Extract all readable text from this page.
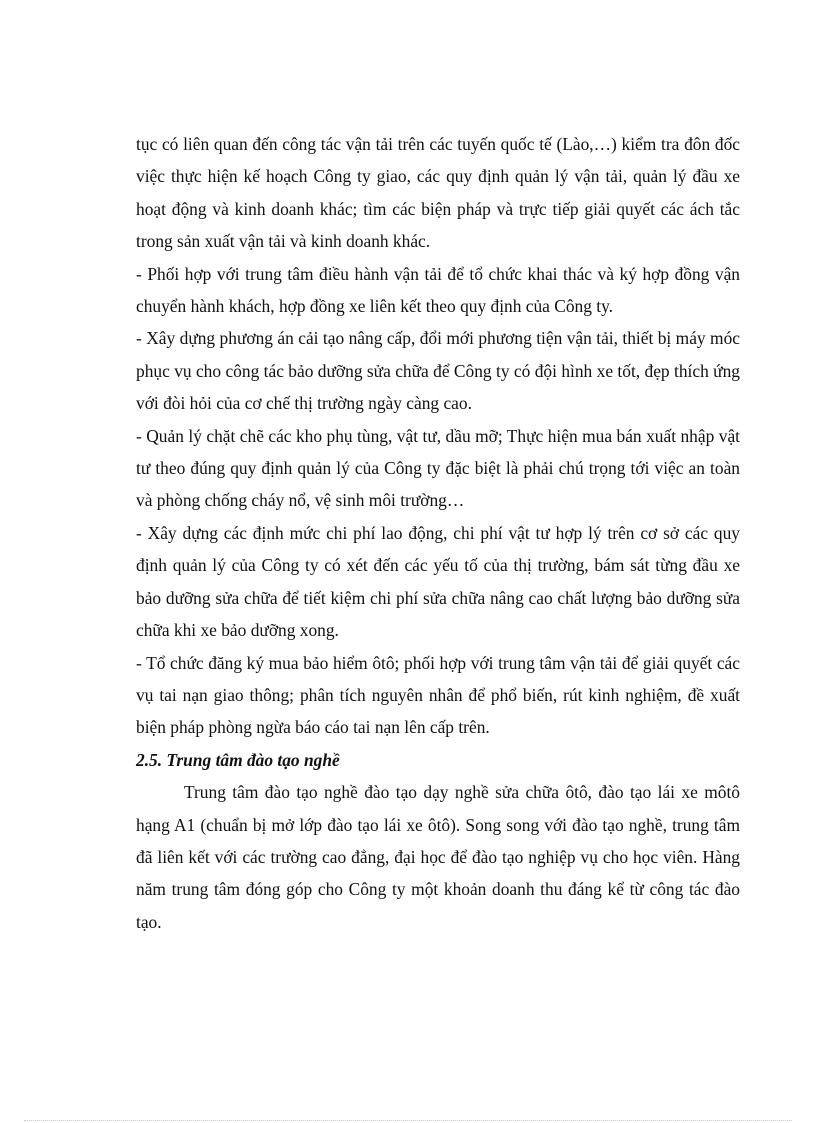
tục có liên quan đến công tác vận tải trên các tuyến quốc tế (Lào,…) kiểm tra đôn đốc việc thực hiện kế hoạch Công ty giao, các quy định quản lý vận tải, quản lý đầu xe hoạt động và kinh doanh khác; tìm các biện pháp và trực tiếp giải quyết các ách tắc trong sản xuất vận tải và kinh doanh khác.

- Phối hợp với trung tâm điều hành vận tải để tổ chức khai thác và ký hợp đồng vận chuyển hành khách, hợp đồng xe liên kết theo quy định của Công ty.

- Xây dựng phương án cải tạo nâng cấp, đổi mới phương tiện vận tải, thiết bị máy móc phục vụ cho công tác bảo dưỡng sửa chữa để Công ty có đội hình xe tốt, đẹp thích ứng với đòi hỏi của cơ chế thị trường ngày càng cao.

- Quản lý chặt chẽ các kho phụ tùng, vật tư, dầu mỡ; Thực hiện mua bán xuất nhập vật tư theo đúng quy định quản lý của Công ty đặc biệt là phải chú trọng tới việc an toàn và phòng chống cháy nổ, vệ sinh môi trường…

- Xây dựng các định mức chi phí lao động, chi phí vật tư hợp lý trên cơ sở các quy định quản lý của Công ty có xét đến các yếu tố của thị trường, bám sát từng đầu xe bảo dưỡng sửa chữa để tiết kiệm chi phí sửa chữa nâng cao chất lượng bảo dưỡng sửa chữa khi xe bảo dưỡng xong.

- Tổ chức đăng ký mua bảo hiểm ôtô; phối hợp với trung tâm vận tải để giải quyết các vụ tai nạn giao thông; phân tích nguyên nhân để phổ biến, rút kinh nghiệm, đề xuất biện pháp phòng ngừa báo cáo tai nạn lên cấp trên.

2.5. Trung tâm đào tạo nghề

Trung tâm đào tạo nghề đào tạo dạy nghề sửa chữa ôtô, đào tạo lái xe môtô hạng A1 (chuẩn bị mở lớp đào tạo lái xe ôtô). Song song với đào tạo nghề, trung tâm đã liên kết với các trường cao đẳng, đại học để đào tạo nghiệp vụ cho học viên. Hàng năm trung tâm đóng góp cho Công ty một khoản doanh thu đáng kể từ công tác đào tạo.
